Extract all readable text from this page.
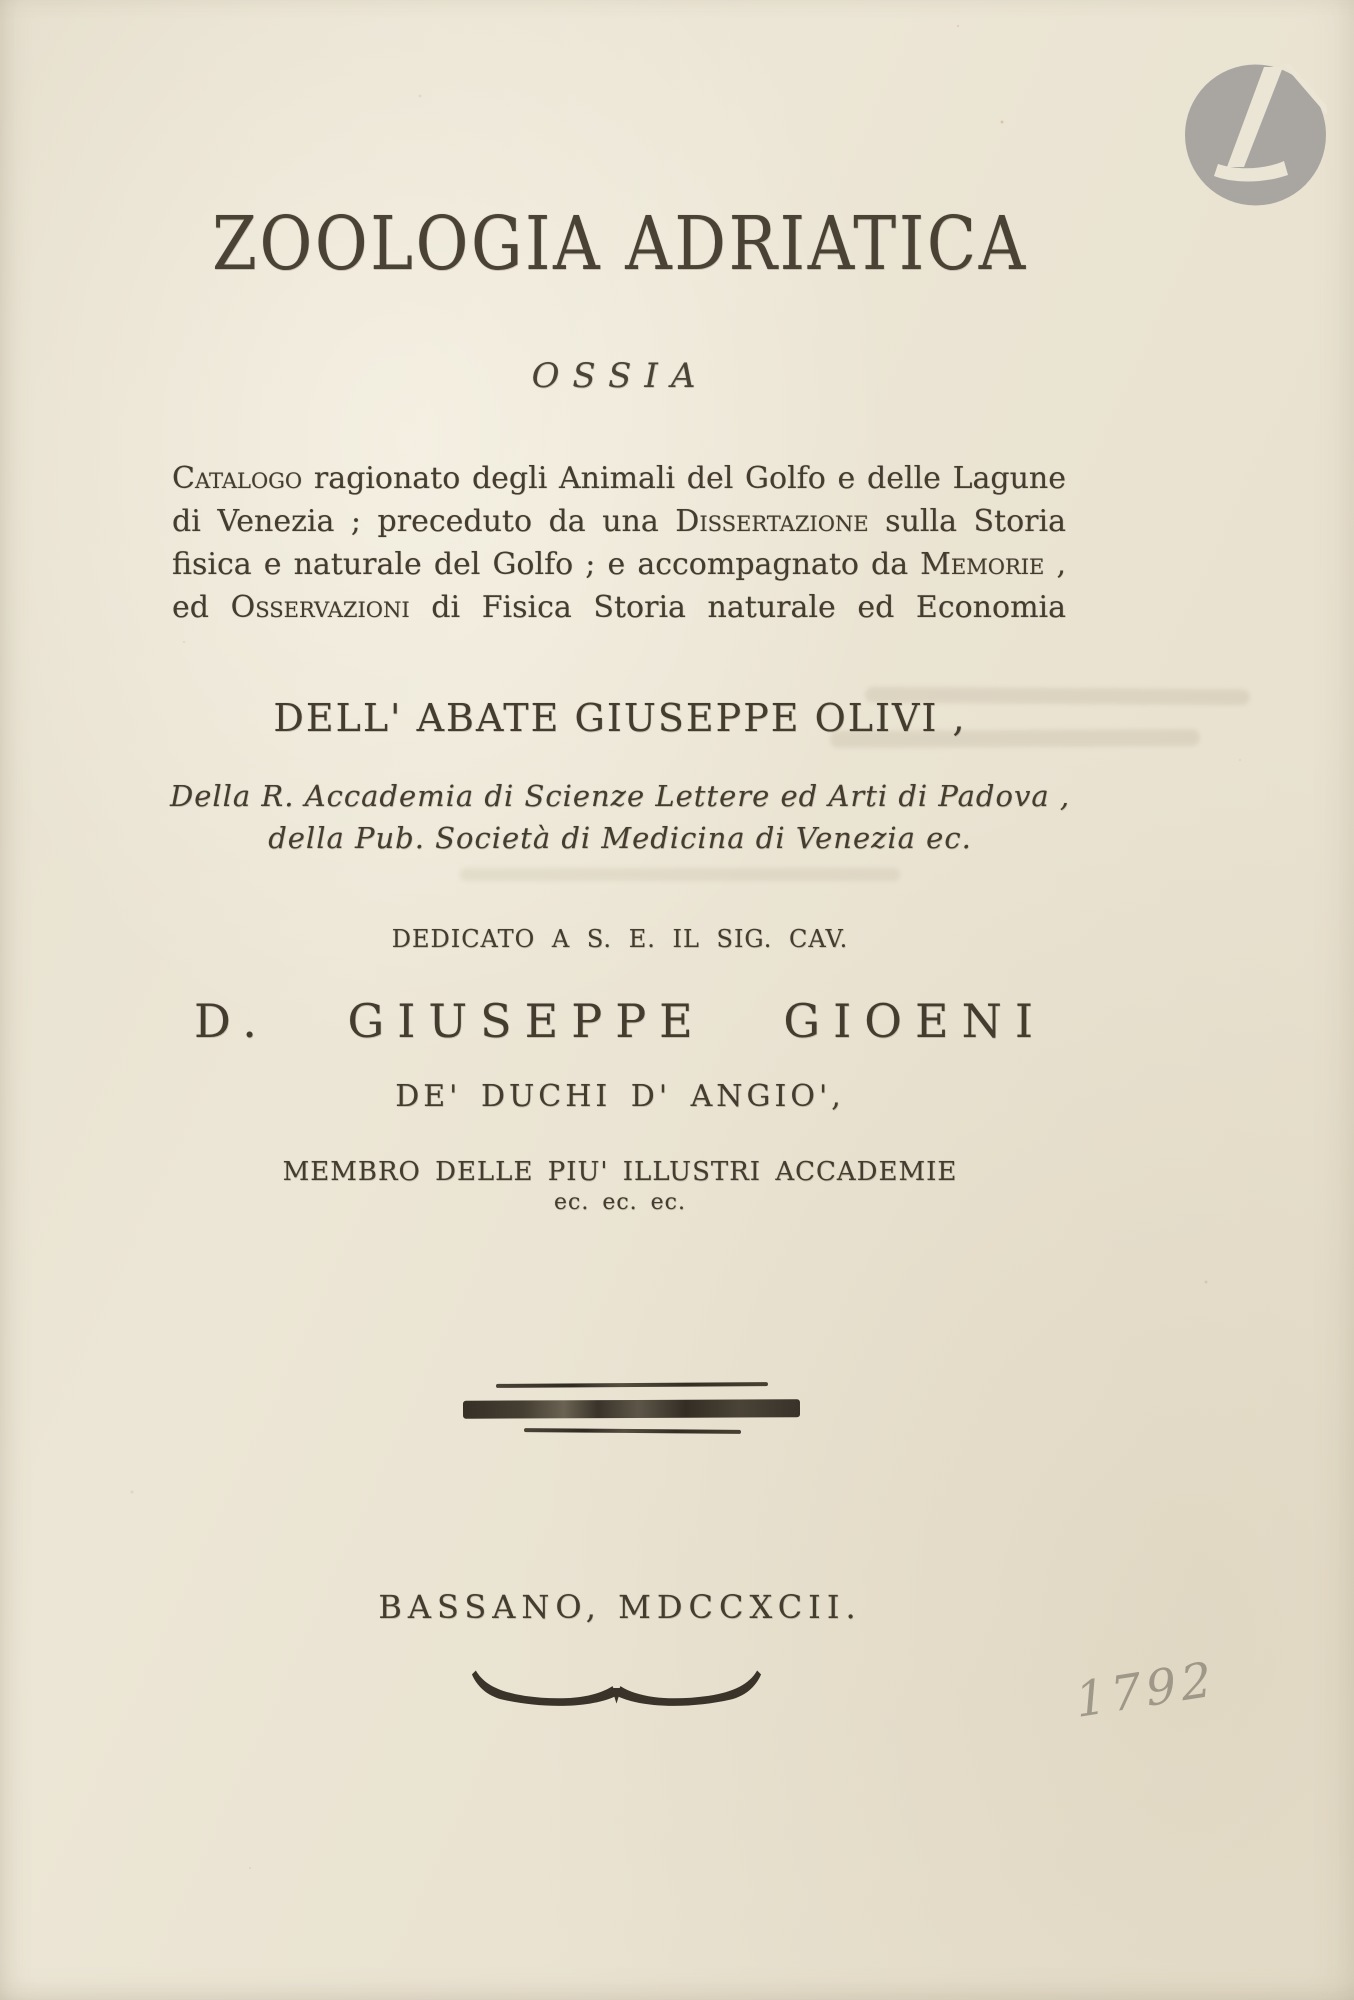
ZOOLOGIA ADRIATICA
OSSIA
Catalogo ragionato degli Animali del Golfo e delle Lagune
di Venezia ; preceduto da una Dissertazione sulla Storia
fisica e naturale del Golfo ; e accompagnato da Memorie ,
ed Osservazioni di Fisica Storia naturale ed Economia
DELL' ABATE GIUSEPPE OLIVI ,
Della R. Accademia di Scienze Lettere ed Arti di Padova ,
della Pub. Società di Medicina di Venezia ec.
DEDICATO A S. E. IL SIG. CAV.
D. GIUSEPPE GIOENI
DE' DUCHI D' ANGIO',
MEMBRO DELLE PIU' ILLUSTRI ACCADEMIE
ec. ec. ec.
BASSANO, MDCCXCII.
1792
